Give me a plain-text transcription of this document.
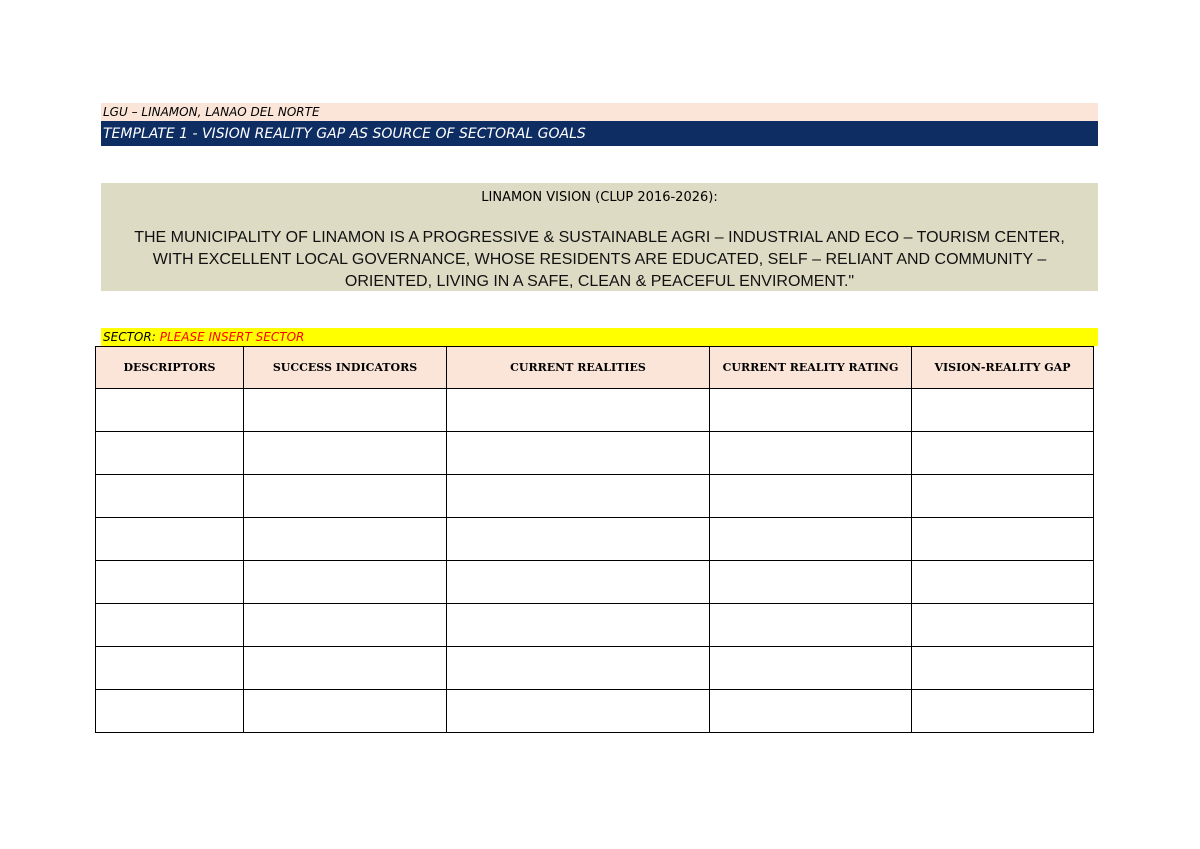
LGU – LINAMON, LANAO DEL NORTE
TEMPLATE 1 - VISION REALITY GAP AS SOURCE OF SECTORAL GOALS
LINAMON VISION (CLUP 2016-2026):
THE MUNICIPALITY OF LINAMON IS A PROGRESSIVE & SUSTAINABLE AGRI – INDUSTRIAL AND ECO – TOURISM CENTER, WITH EXCELLENT LOCAL GOVERNANCE, WHOSE RESIDENTS ARE EDUCATED, SELF – RELIANT AND COMMUNITY – ORIENTED, LIVING IN A SAFE, CLEAN & PEACEFUL ENVIROMENT."
SECTOR: PLEASE INSERT SECTOR
DESCRIPTORS	SUCCESS INDICATORS	CURRENT REALITIES	CURRENT REALITY RATING	VISION-REALITY GAP
